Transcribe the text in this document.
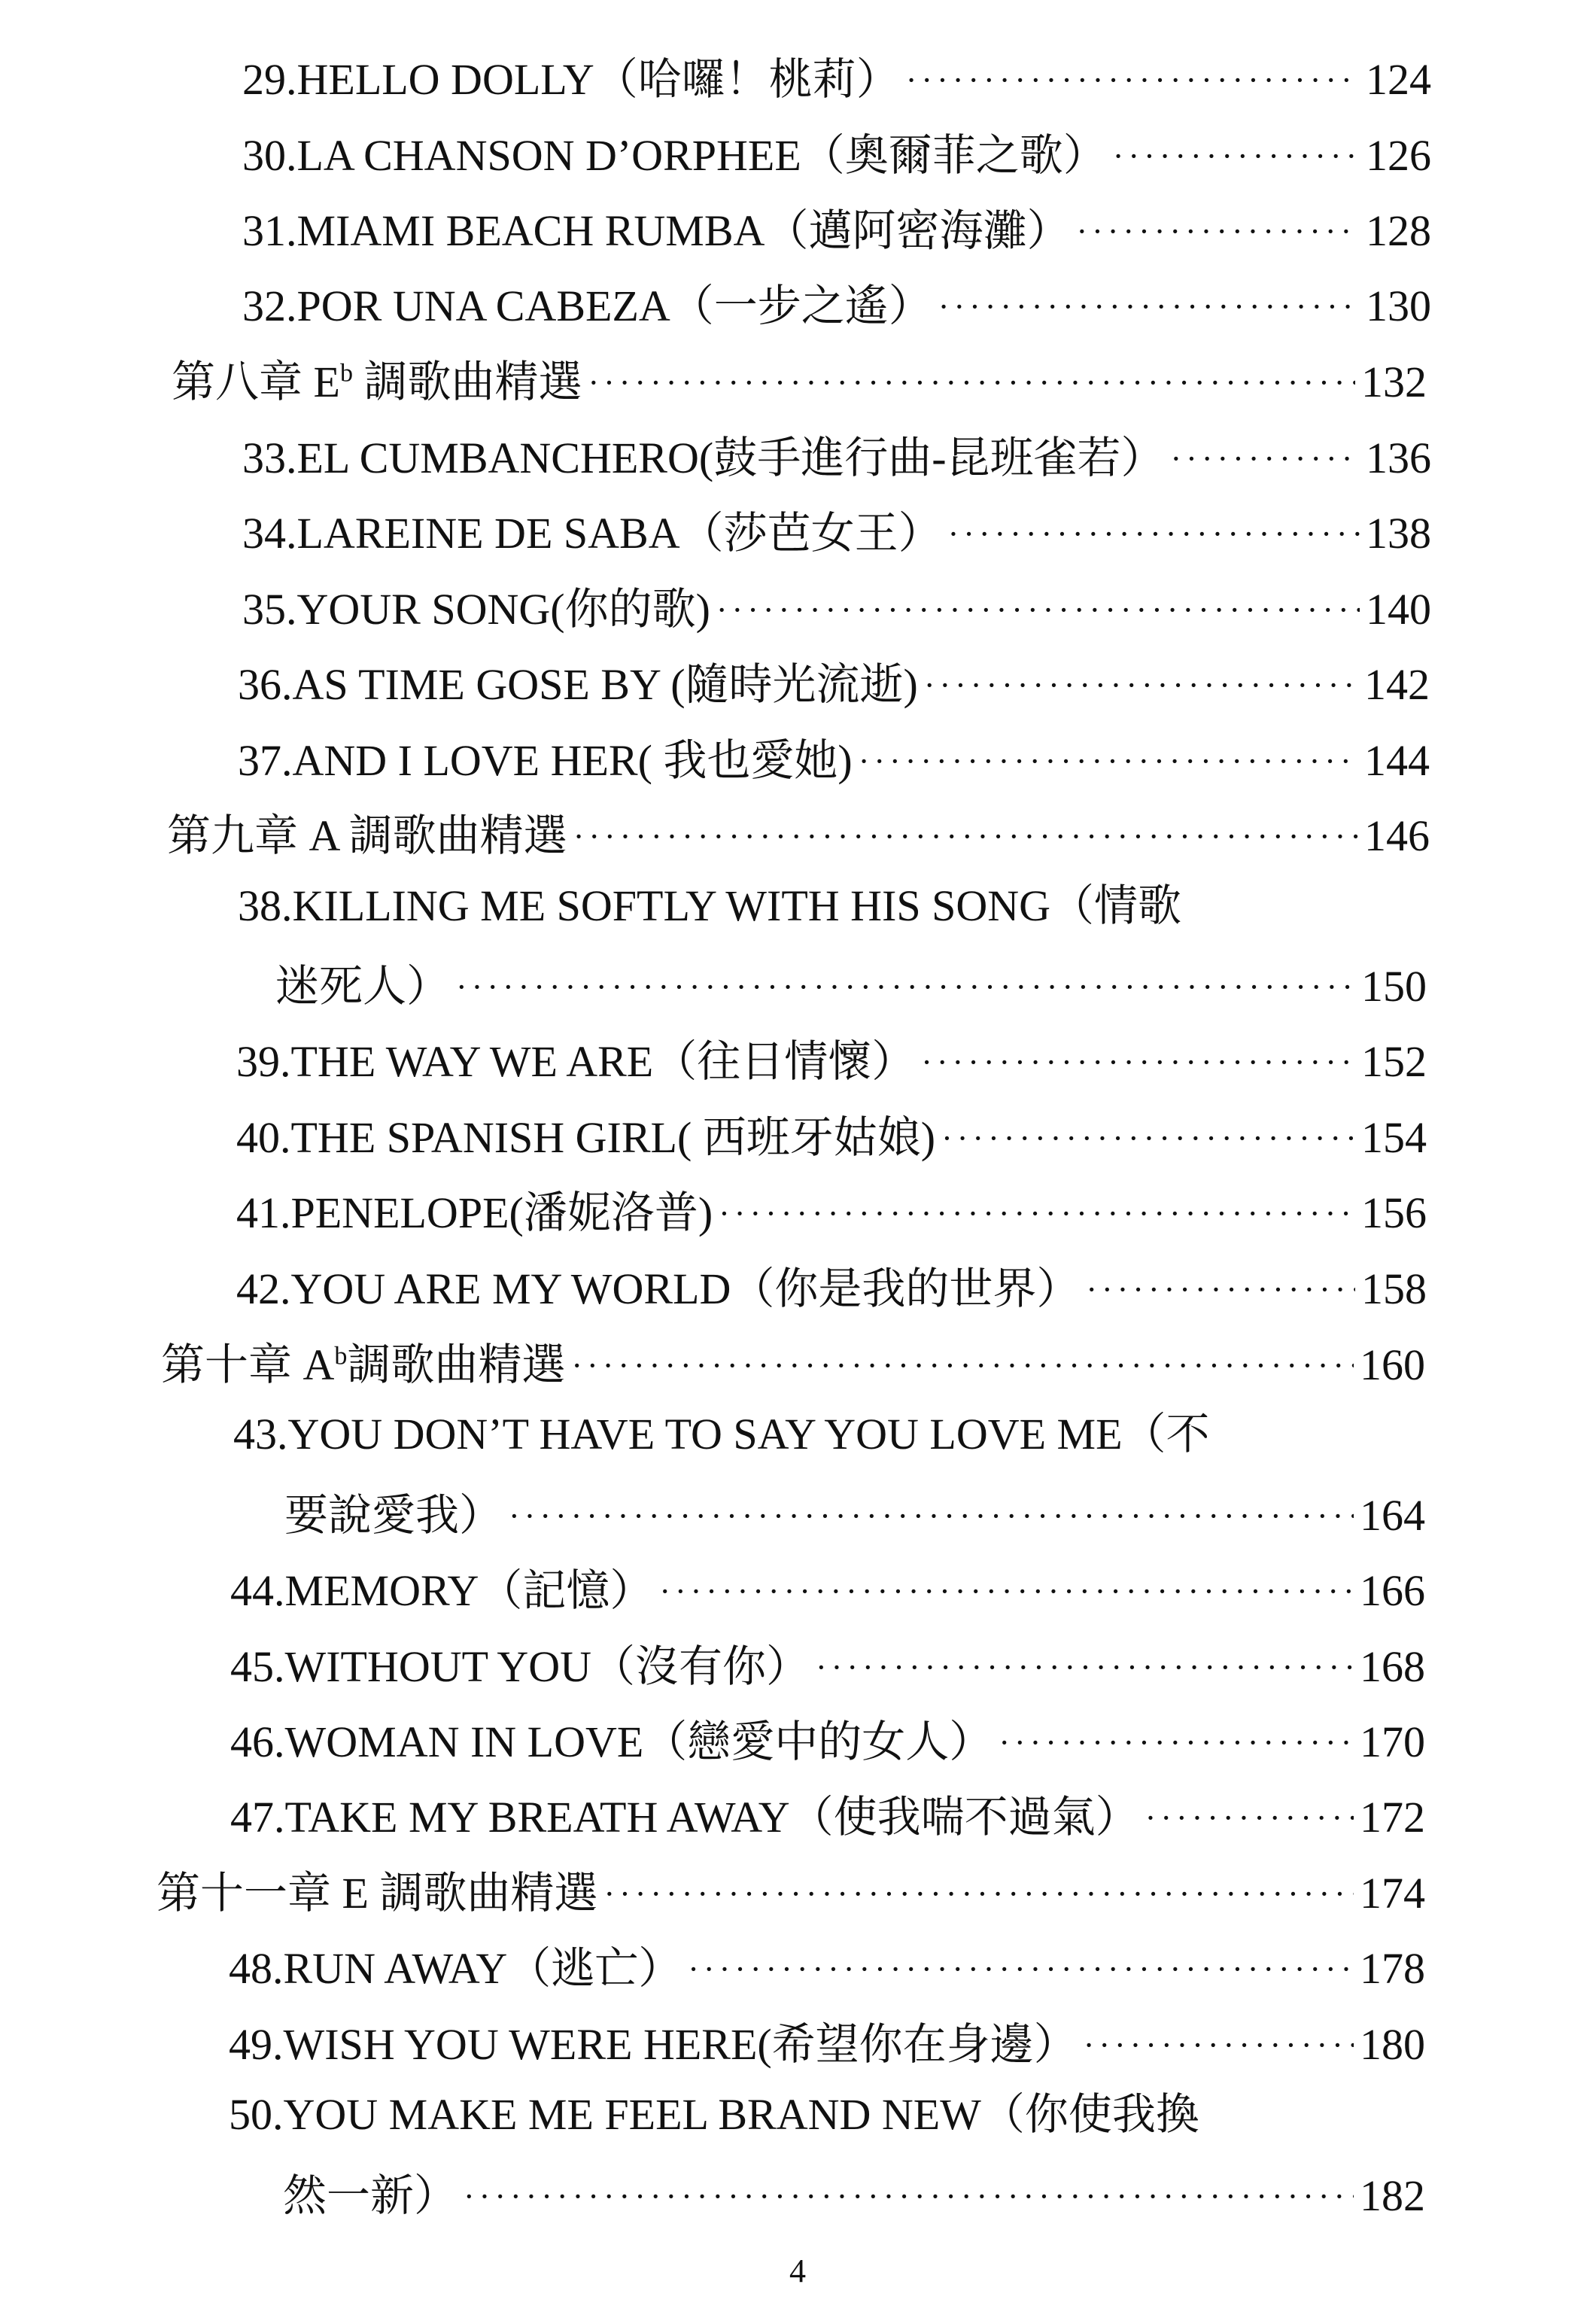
29.HELLO DOLLY（哈囉！桃莉） ·····	124
30.LA CHANSON D’ORPHEE（奧爾菲之歌） ·····	126
31.MIAMI BEACH RUMBA（邁阿密海灘） ·····	128
32.POR UNA CABEZA（一步之遙） ·····	130
第八章 $E^b$ 調歌曲精選 ·····	132
33.EL CUMBANCHERO(鼓手進行曲-昆班雀若） ·····	136
34.LAREINE DE SABA（莎芭女王） ·····	138
35.YOUR SONG(你的歌) ·····	140
36.AS TIME GOSE BY (隨時光流逝) ·····	142
37.AND I LOVE HER( 我也愛她) ·····	144
第九章 A 調歌曲精選 ·····	146
38.KILLING ME SOFTLY WITH HIS SONG（情歌
迷死人） ·····	150
39.THE WAY WE ARE（往日情懷） ·····	152
40.THE SPANISH GIRL( 西班牙姑娘) ·····	154
41.PENELOPE(潘妮洛普) ·····	156
42.YOU ARE MY WORLD（你是我的世界） ·····	158
第十章 $A^b$調歌曲精選 ·····	160
43.YOU DON’T HAVE TO SAY YOU LOVE ME（不
要說愛我） ·····	164
44.MEMORY（記憶） ·····	166
45.WITHOUT YOU（沒有你） ·····	168
46.WOMAN IN LOVE（戀愛中的女人） ·····	170
47.TAKE MY BREATH AWAY（使我喘不過氣） ·····	172
第十一章 E 調歌曲精選 ·····	174
48.RUN AWAY（逃亡） ·····	178
49.WISH YOU WERE HERE(希望你在身邊） ·····	180
50.YOU MAKE ME FEEL BRAND NEW（你使我換
然一新） ·····	182
4
